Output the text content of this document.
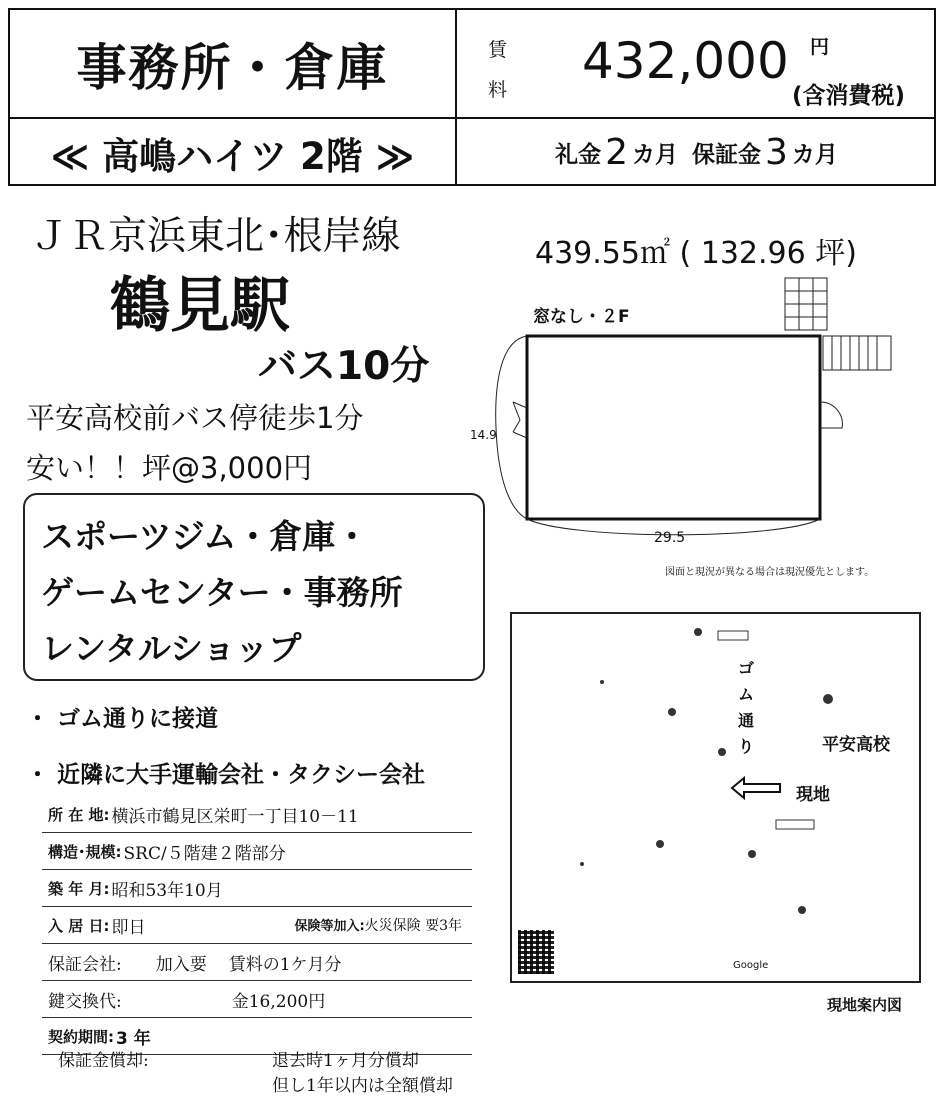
事務所・倉庫	賃
料 432,000 円
(含消費税)
≪ 高嶋ハイツ 2階 ≫	礼金 2 カ月 保証金 3 カ月
ＪＲ京浜東北･根岸線
鶴見駅
バス10分
平安高校前バス停徒歩1分
安い！！坪@3,000円
スポーツジム・倉庫・
ゲームセンター・事務所
レンタルショップ
・ ゴム通りに接道
・ 近隣に大手運輸会社・タクシー会社
所 在 地: 横浜市鶴見区栄町一丁目10－11
構造･規模: SRC/５階建２階部分
築 年 月: 昭和53年10月
入 居 日: 即日	保険等加入:火災保険 要3年
保証会社: 加入要 賃料の1ケ月分
鍵交換代:	金16,200円
契約期間: 3 年
保証金償却:	退去時1ヶ月分償却
但し1年以内は全額償却
439.55㎡ ( 132.96 坪)
窓なし・２F
14.9
29.5
図面と現況が異なる場合は現況優先とします。
ゴム通り	平安高校
現地
Google
現地案内図
